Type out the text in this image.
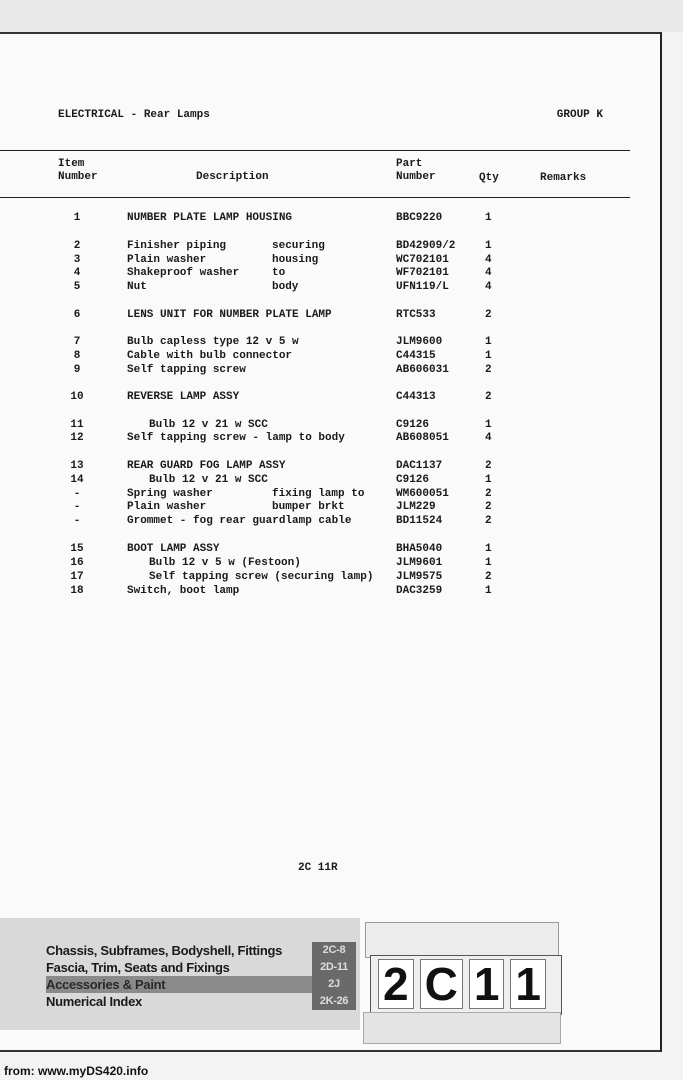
ELECTRICAL - Rear Lamps	GROUP K
Item
Number	Description
Part
Number	Qty	Remarks
1	NUMBER PLATE LAMP HOUSING	BBC9220	1
2	Finisher piping	securing	BD42909/2	1
3	Plain washer	housing	WC702101	4
4	Shakeproof washer	to	WF702101	4
5	Nut	body	UFN119/L	4
6	LENS UNIT FOR NUMBER PLATE LAMP	RTC533	2
7	Bulb capless type 12 v 5 w	JLM9600	1
8	Cable with bulb connector	C44315	1
9	Self tapping screw	AB606031	2
10	REVERSE LAMP ASSY	C44313	2
11	Bulb 12 v 21 w SCC	C9126	1
12	Self tapping screw - lamp to body	AB608051	4
13	REAR GUARD FOG LAMP ASSY	DAC1137	2
14	Bulb 12 v 21 w SCC	C9126	1
-	Spring washer	fixing lamp to	WM600051	2
-	Plain washer	bumper brkt	JLM229	2
-	Grommet - fog rear guardlamp cable	BD11524	2
15	BOOT LAMP ASSY	BHA5040	1
16	Bulb 12 v 5 w (Festoon)	JLM9601	1
17	Self tapping screw (securing lamp) JLM9575	2
18	Switch, boot lamp	DAC3259	1
2C 11R
Chassis, Subframes, Bodyshell, Fittings	2C-8
Fascia, Trim, Seats and Fixings	2D-11
Accessories & Paint	2J
Numerical Index	2K-26 2 C 1 1
from: www.myDS420.info
